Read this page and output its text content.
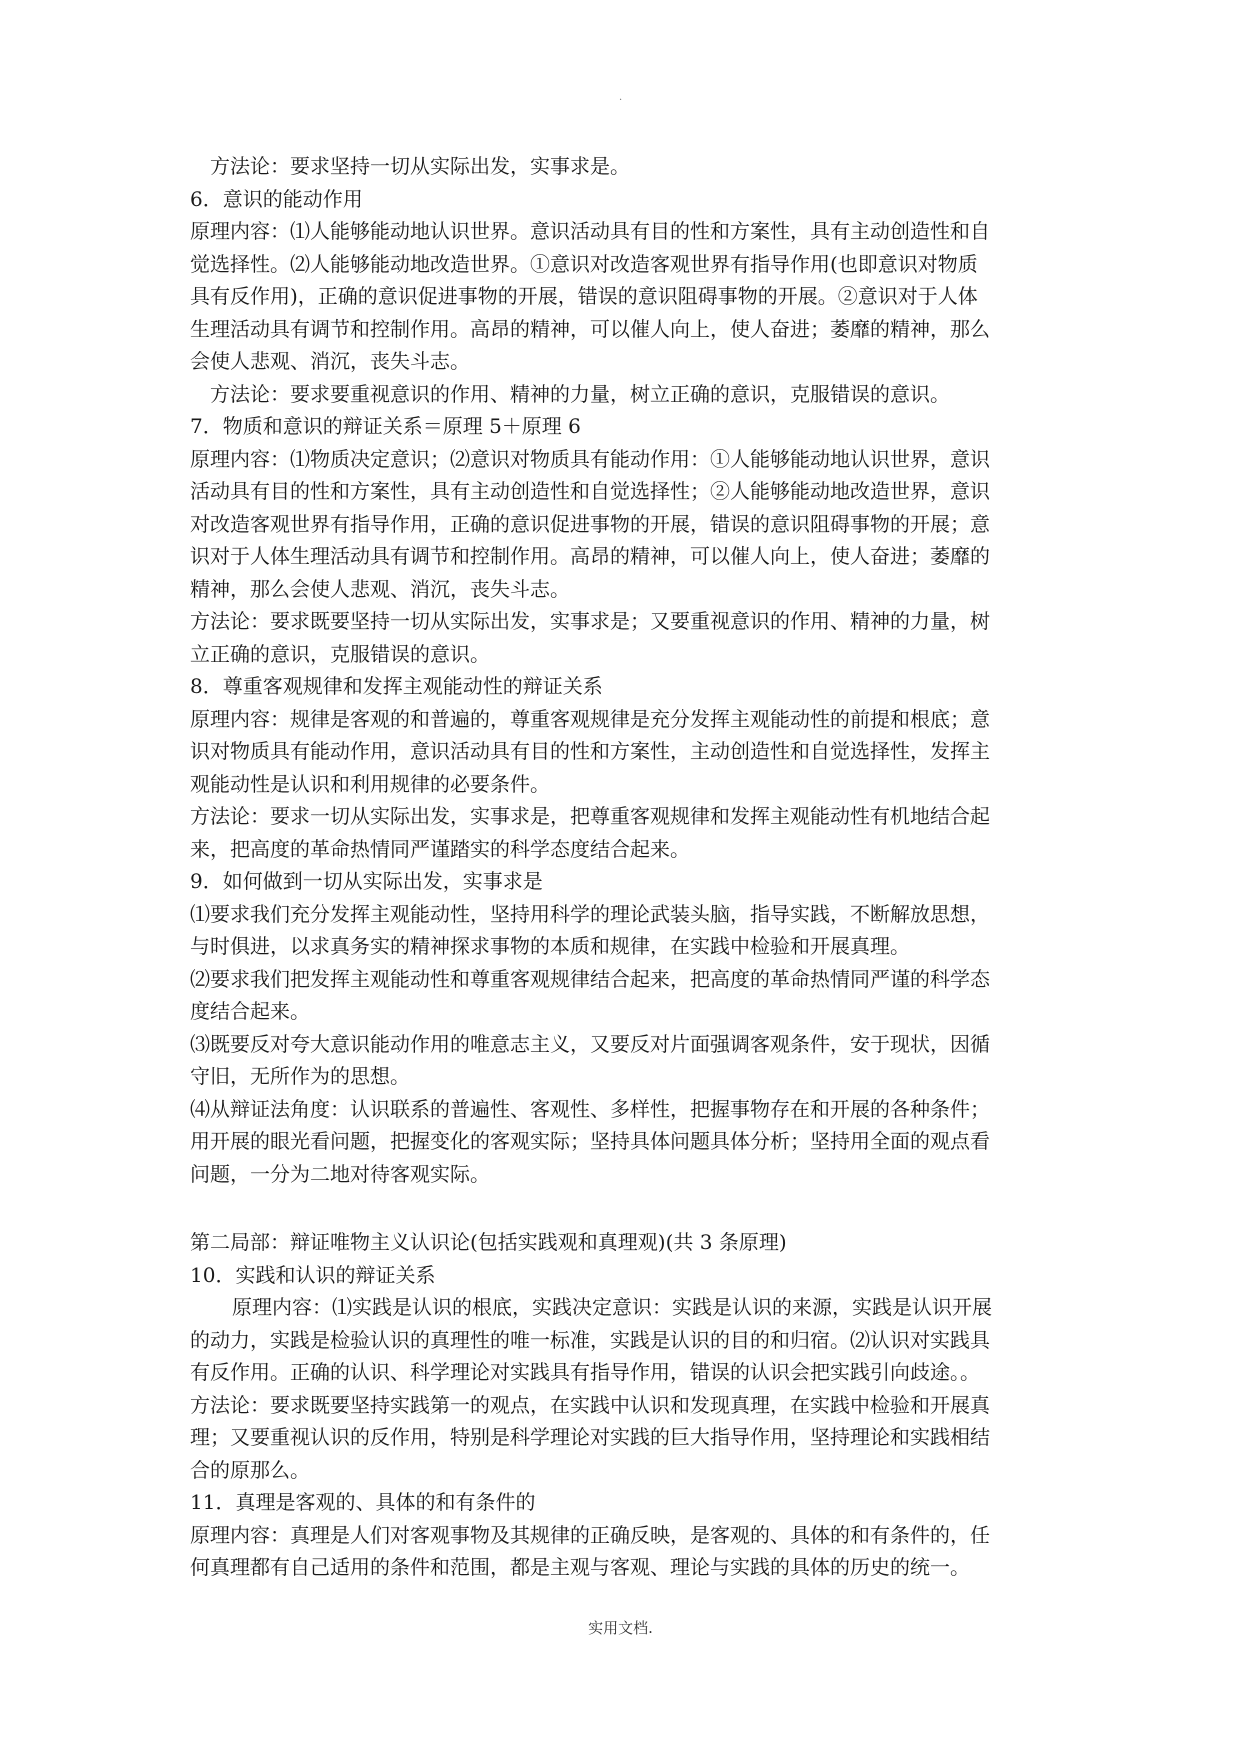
.
方法论：要求坚持一切从实际出发，实事求是。
6．意识的能动作用
原理内容：⑴人能够能动地认识世界。意识活动具有目的性和方案性，具有主动创造性和自
觉选择性。⑵人能够能动地改造世界。①意识对改造客观世界有指导作用(也即意识对物质
具有反作用)，正确的意识促进事物的开展，错误的意识阻碍事物的开展。②意识对于人体
生理活动具有调节和控制作用。高昂的精神，可以催人向上，使人奋进；萎靡的精神，那么
会使人悲观、消沉，丧失斗志。
方法论：要求要重视意识的作用、精神的力量，树立正确的意识，克服错误的意识。
7．物质和意识的辩证关系＝原理 5＋原理 6
原理内容：⑴物质决定意识；⑵意识对物质具有能动作用：①人能够能动地认识世界，意识
活动具有目的性和方案性，具有主动创造性和自觉选择性；②人能够能动地改造世界，意识
对改造客观世界有指导作用，正确的意识促进事物的开展，错误的意识阻碍事物的开展；意
识对于人体生理活动具有调节和控制作用。高昂的精神，可以催人向上，使人奋进；萎靡的
精神，那么会使人悲观、消沉，丧失斗志。
方法论：要求既要坚持一切从实际出发，实事求是；又要重视意识的作用、精神的力量，树
立正确的意识，克服错误的意识。
8．尊重客观规律和发挥主观能动性的辩证关系
原理内容：规律是客观的和普遍的，尊重客观规律是充分发挥主观能动性的前提和根底；意
识对物质具有能动作用，意识活动具有目的性和方案性，主动创造性和自觉选择性，发挥主
观能动性是认识和利用规律的必要条件。
方法论：要求一切从实际出发，实事求是，把尊重客观规律和发挥主观能动性有机地结合起
来，把高度的革命热情同严谨踏实的科学态度结合起来。
9．如何做到一切从实际出发，实事求是
⑴要求我们充分发挥主观能动性，坚持用科学的理论武装头脑，指导实践，不断解放思想，
与时俱进，以求真务实的精神探求事物的本质和规律，在实践中检验和开展真理。
⑵要求我们把发挥主观能动性和尊重客观规律结合起来，把高度的革命热情同严谨的科学态
度结合起来。
⑶既要反对夸大意识能动作用的唯意志主义，又要反对片面强调客观条件，安于现状，因循
守旧，无所作为的思想。
⑷从辩证法角度：认识联系的普遍性、客观性、多样性，把握事物存在和开展的各种条件；
用开展的眼光看问题，把握变化的客观实际；坚持具体问题具体分析；坚持用全面的观点看
问题，一分为二地对待客观实际。
第二局部：辩证唯物主义认识论(包括实践观和真理观)(共 3 条原理)
10．实践和认识的辩证关系
原理内容：⑴实践是认识的根底，实践决定意识：实践是认识的来源，实践是认识开展
的动力，实践是检验认识的真理性的唯一标准，实践是认识的目的和归宿。⑵认识对实践具
有反作用。正确的认识、科学理论对实践具有指导作用，错误的认识会把实践引向歧途。。
方法论：要求既要坚持实践第一的观点，在实践中认识和发现真理，在实践中检验和开展真
理；又要重视认识的反作用，特别是科学理论对实践的巨大指导作用，坚持理论和实践相结
合的原那么。
11．真理是客观的、具体的和有条件的
原理内容：真理是人们对客观事物及其规律的正确反映，是客观的、具体的和有条件的，任
何真理都有自己适用的条件和范围，都是主观与客观、理论与实践的具体的历史的统一。
实用文档.
